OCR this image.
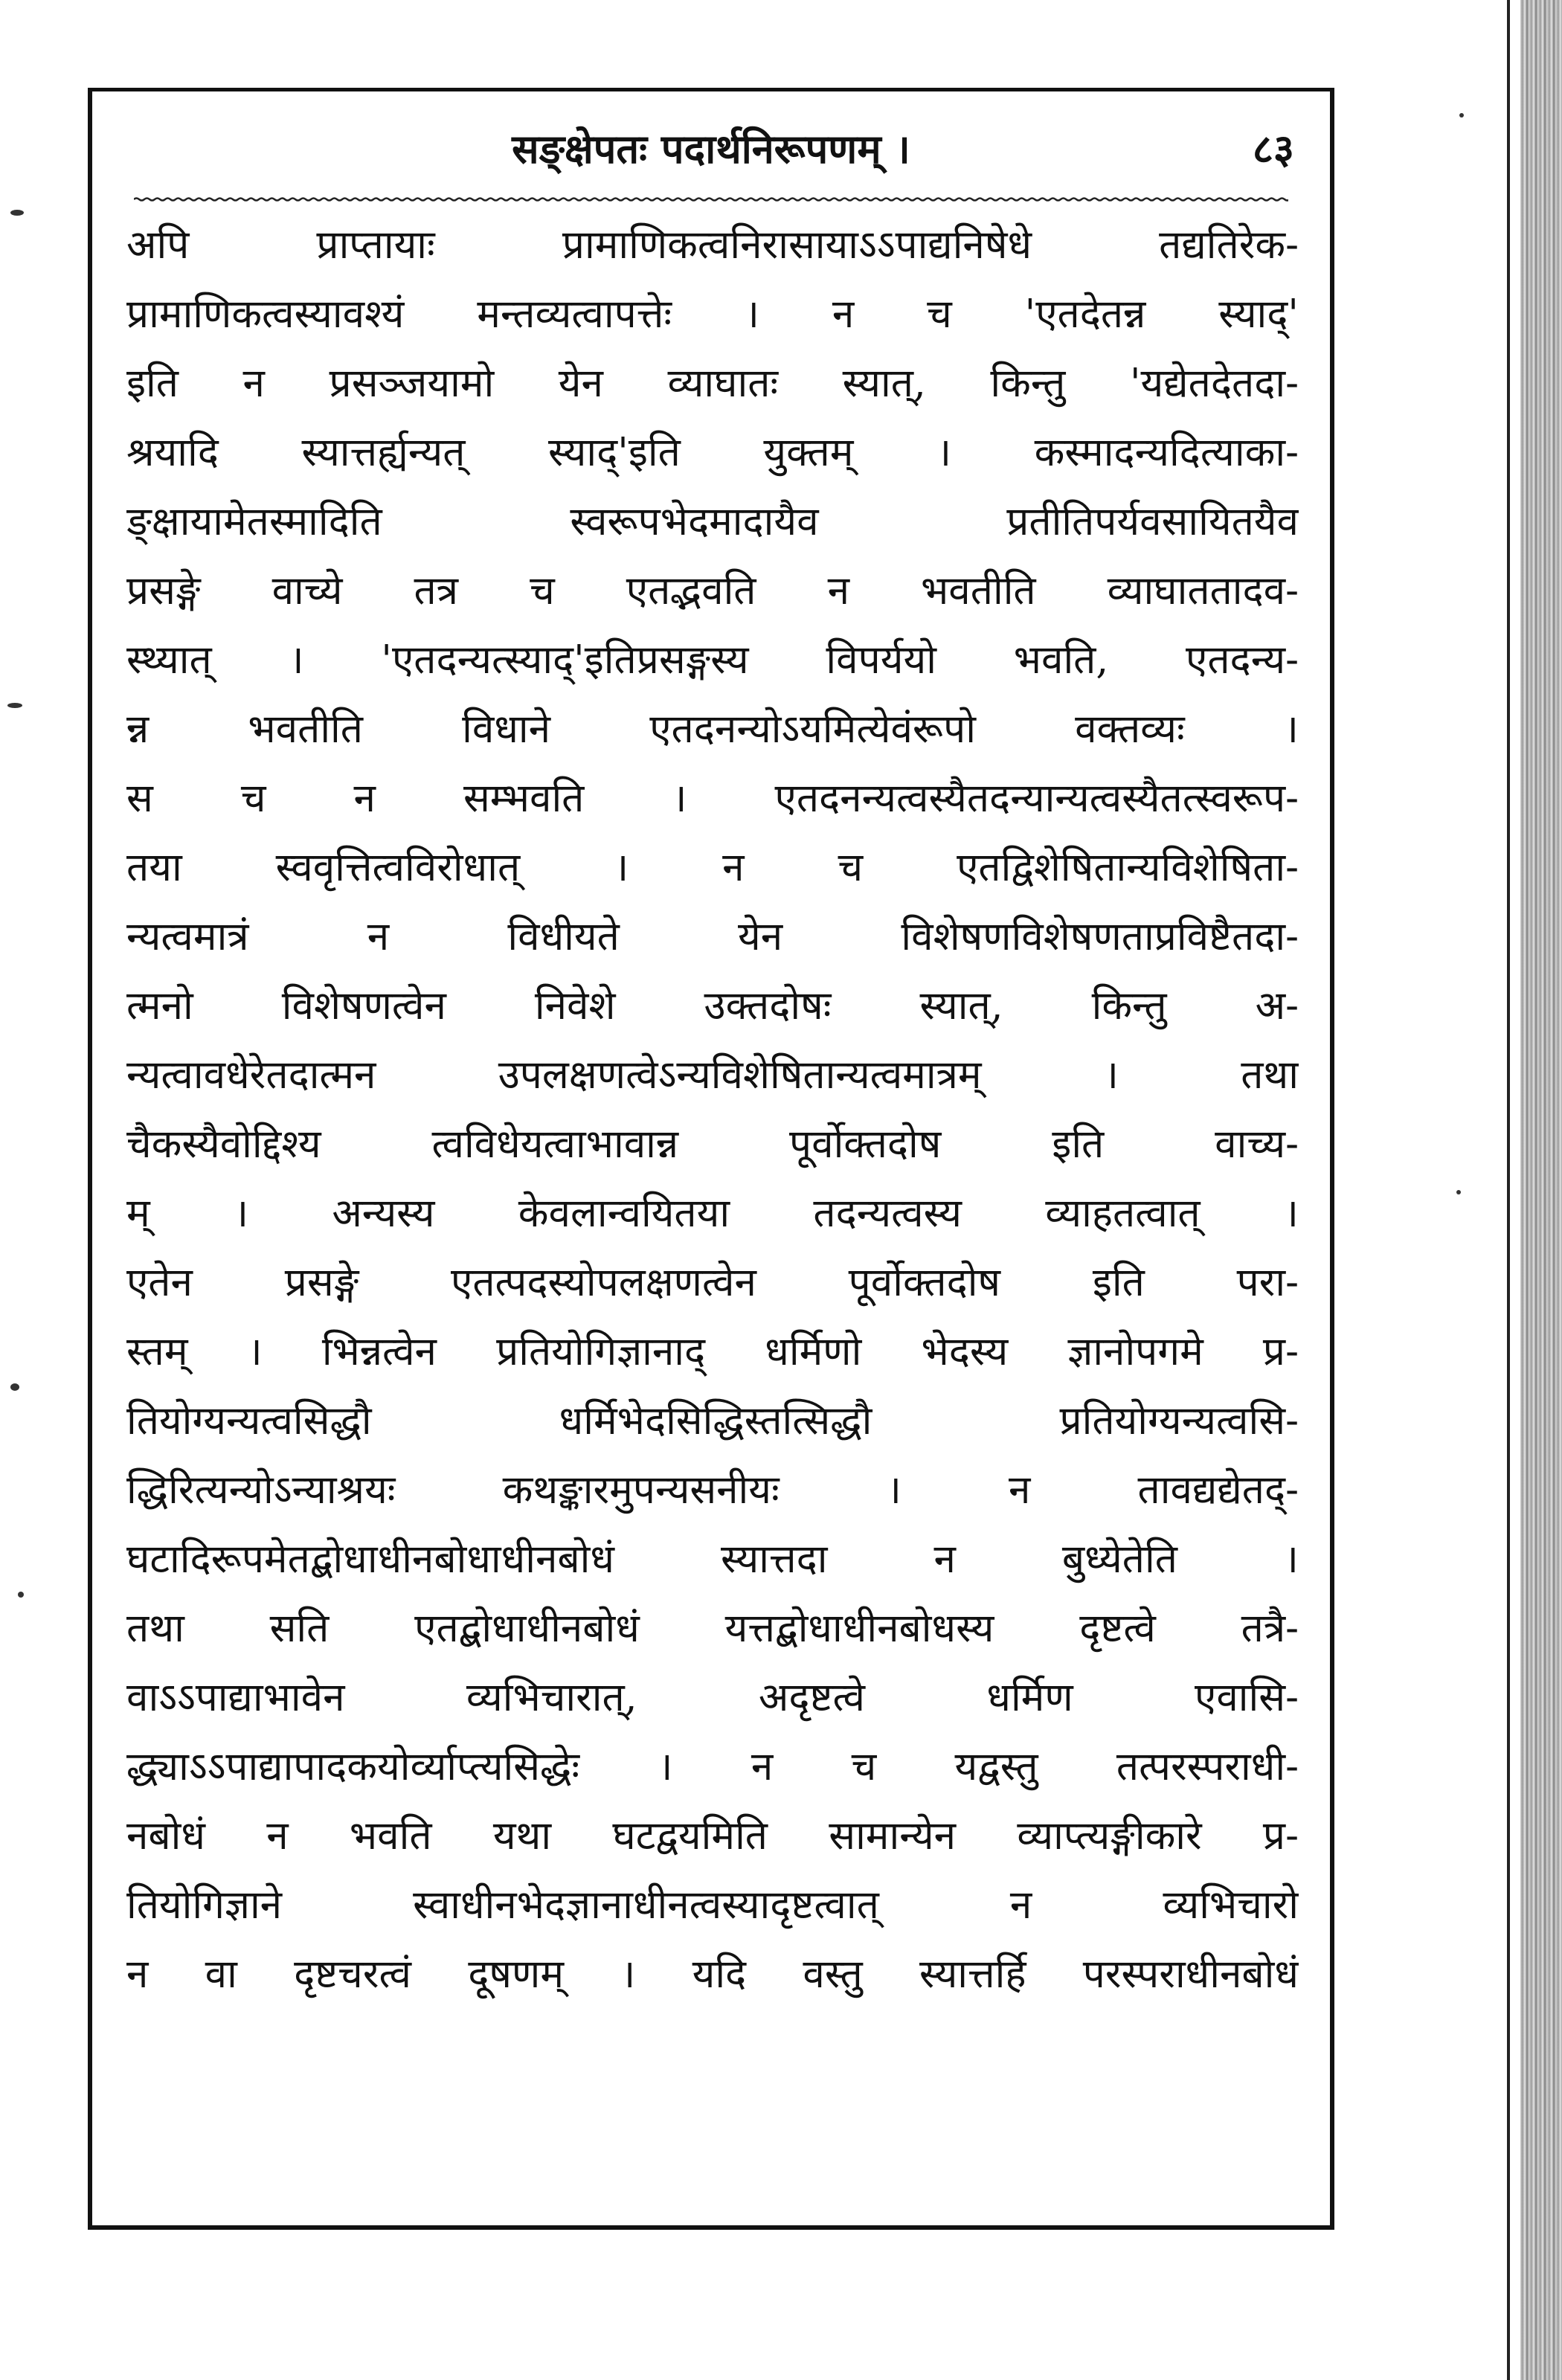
सङ्क्षेपतः पदार्थनिरूपणम् ।	८३
अपि प्राप्तायाः प्रामाणिकत्वनिरासायाऽऽपाद्यनिषेधे तद्यतिरेक-
प्रामाणिकत्वस्यावश्यं मन्तव्यत्वापत्तेः । न च 'एतदेतन्न स्याद्'
इति न प्रसञ्जयामो येन व्याघातः स्यात्, किन्तु 'यद्येतदेतदा-
श्रयादि स्यात्तर्ह्यन्यत् स्याद्'इति युक्तम् । कस्मादन्यदित्याका-
ङ्क्षायामेतस्मादिति स्वरूपभेदमादायैव प्रतीतिपर्यवसायितयैव
प्रसङ्गे वाच्ये तत्र च एतद्भवति न भवतीति व्याघाततादव-
स्थ्यात् । 'एतदन्यत्स्याद्'इतिप्रसङ्गस्य विपर्ययो भवति, एतदन्य-
न्न भवतीति विधाने एतदनन्योऽयमित्येवंरूपो वक्तव्यः ।
स च न सम्भवति । एतदनन्यत्वस्यैतदन्यान्यत्वस्यैतत्स्वरूप-
तया स्ववृत्तित्वविरोधात् । न च एतद्विशेषितान्यविशेषिता-
न्यत्वमात्रं न विधीयते येन विशेषणविशेषणताप्रविष्टैतदा-
त्मनो विशेषणत्वेन निवेशे उक्तदोषः स्यात्, किन्तु अ-
न्यत्वावधेरेतदात्मन उपलक्षणत्वेऽन्यविशेषितान्यत्वमात्रम् । तथा
चैकस्यैवोद्दिश्य त्वविधेयत्वाभावान्न पूर्वोक्तदोष इति वाच्य-
म् । अन्यस्य केवलान्वयितया तदन्यत्वस्य व्याहतत्वात् ।
एतेन प्रसङ्गे एतत्पदस्योपलक्षणत्वेन पूर्वोक्तदोष इति परा-
स्तम् । भिन्नत्वेन प्रतियोगिज्ञानाद् धर्मिणो भेदस्य ज्ञानोपगमे प्र-
तियोग्यन्यत्वसिद्धौ धर्मिभेदसिद्धिस्तत्सिद्धौ प्रतियोग्यन्यत्वसि-
द्धिरित्यन्योऽन्याश्रयः कथङ्कारमुपन्यसनीयः । न तावद्यद्येतद्-
घटादिरूपमेतद्बोधाधीनबोधाधीनबोधं स्यात्तदा न बुध्येतेति ।
तथा सति एतद्बोधाधीनबोधं यत्तद्बोधाधीनबोधस्य दृष्टत्वे तत्रै-
वाऽऽपाद्याभावेन व्यभिचारात्, अदृष्टत्वे धर्मिण एवासि-
द्ध्याऽऽपाद्यापादकयोर्व्याप्त्यसिद्धेः । न च यद्वस्तु तत्परस्पराधी-
नबोधं न भवति यथा घटद्वयमिति सामान्येन व्याप्त्यङ्गीकारे प्र-
तियोगिज्ञाने स्वाधीनभेदज्ञानाधीनत्वस्यादृष्टत्वात् न व्यभिचारो
न वा दृष्टचरत्वं दूषणम् । यदि वस्तु स्यात्तर्हि परस्पराधीनबोधं
